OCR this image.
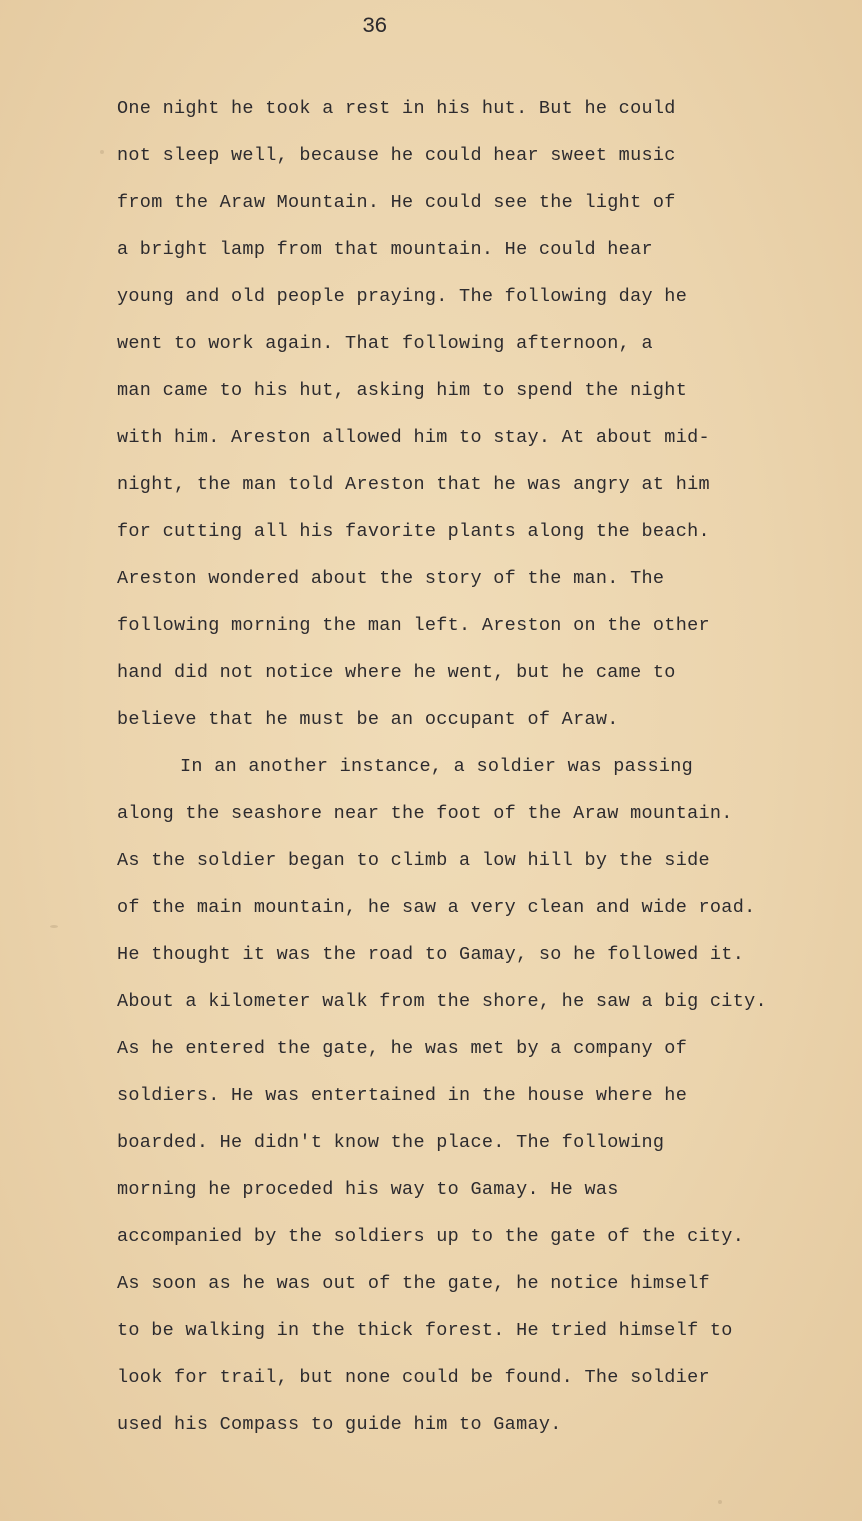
36
One night he took a rest in his hut. But he could
not sleep well, because he could hear sweet music
from the Araw Mountain. He could see the light of
a bright lamp from that mountain. He could hear
young and old people praying. The following day he
went to work again. That following afternoon, a
man came to his hut, asking him to spend the night
with him. Areston allowed him to stay. At about mid-
night, the man told Areston that he was angry at him
for cutting all his favorite plants along the beach.
Areston wondered about the story of the man. The
following morning the man left. Areston on the other
hand did not notice where he went, but he came to
believe that he must be an occupant of Araw.
In an another instance, a soldier was passing
along the seashore near the foot of the Araw mountain.
As the soldier began to climb a low hill by the side
of the main mountain, he saw a very clean and wide road.
He thought it was the road to Gamay, so he followed it.
About a kilometer walk from the shore, he saw a big city.
As he entered the gate, he was met by a company of
soldiers. He was entertained in the house where he
boarded. He didn't know the place. The following
morning he proceded his way to Gamay. He was
accompanied by the soldiers up to the gate of the city.
As soon as he was out of the gate, he notice himself
to be walking in the thick forest. He tried himself to
look for trail, but none could be found. The soldier
used his Compass to guide him to Gamay.
